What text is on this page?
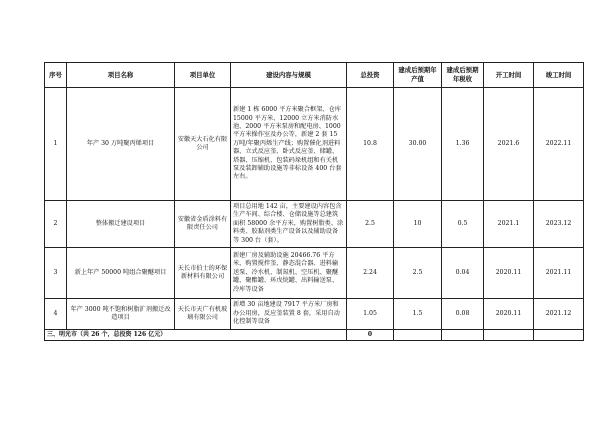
序号	项目名称	项目单位	建设内容与规模	总投资	建成后预期年产值	建成后预期年税收	开工时间	竣工时间
1	年产 30 万吨聚丙烯项目	安徽天大石化有限公司	新建 1 栋 6000 平方米聚合框架、仓库 15000 平方米、12000 立方米消防水池、2000 平方米泵房和配电房、1000 平方米操作室及办公等，新建 2 套 15 万吨/年聚丙烯生产线；购置催化剂进料器、立式反应釜、卧式反应釜、储罐、塔器、压缩机、包装码垛机组和有关机泵及装卸辅助设施等非标设备 400 台套左右。	10.8	30.00	1.36	2021.6	2022.11
2	整体搬迁建设项目	安徽省金盾涂料有限责任公司	项目总用地 142 亩，主要建设内容包含生产车间、综合楼、仓储设施等总建筑面积 58000 余平方米，购置树脂类、涂料类、胶黏剂类生产设备以及辅助设备等 300 台（套）。	2.5	10	0.5	2021.1	2023.12
3	新上年产 50000 吨组合聚醚项目	天长市伯士的环保新材料有限公司	新建厂房及辅助设施 20466.76 平方米，购置搅拌釜、静态混合器、进料输送泵、冷水机、制氮机、空压机、聚醚罐、聚酯罐、环戊烷罐、出料输送泵、冷库等设备	2.24	2.5	0.04	2020.11	2021.11
4	年产 3000 吨不饱和树脂扩剂搬迁改造项目	天长市天广有机玻璃有限公司	新增 30 亩地建设 7917 平方米厂房和办公用房，反应釜装置 8 套，采用自动化控制等设备	1.05	1.5	0.08	2020.11	2021.12
三、明光市（共 26 个，总投资 126 亿元）				0				
